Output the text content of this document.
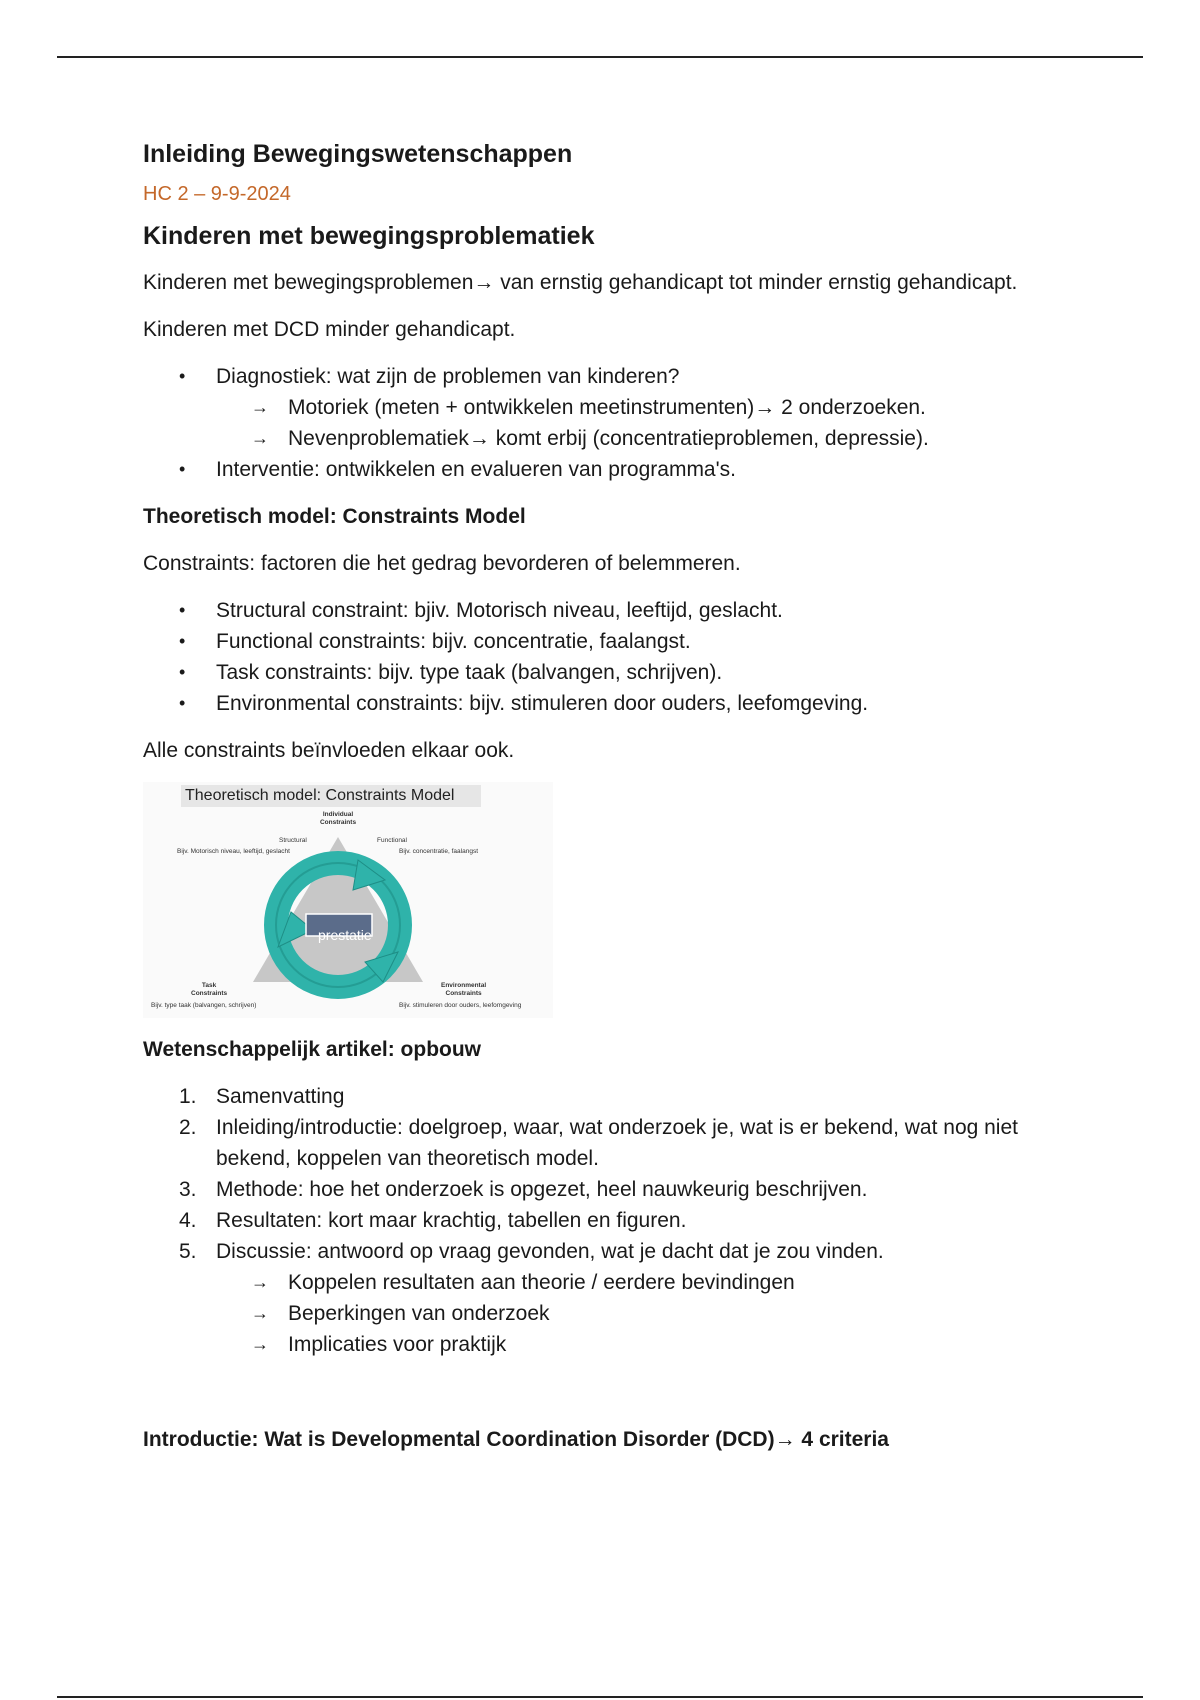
Inleiding Bewegingswetenschappen
HC 2 – 9-9-2024
Kinderen met bewegingsproblematiek

Kinderen met bewegingsproblemen→ van ernstig gehandicapt tot minder ernstig gehandicapt.

Kinderen met DCD minder gehandicapt.

• Diagnostiek: wat zijn de problemen van kinderen?
→ Motoriek (meten + ontwikkelen meetinstrumenten)→ 2 onderzoeken.
→ Nevenproblematiek→ komt erbij (concentratieproblemen, depressie).
• Interventie: ontwikkelen en evalueren van programma's.

Theoretisch model: Constraints Model

Constraints: factoren die het gedrag bevorderen of belemmeren.

• Structural constraint: bjiv. Motorisch niveau, leeftijd, geslacht.
• Functional constraints: bijv. concentratie, faalangst.
• Task constraints: bijv. type taak (balvangen, schrijven).
• Environmental constraints: bijv. stimuleren door ouders, leefomgeving.

Alle constraints beïnvloeden elkaar ook.

Theoretisch model: Constraints Model
prestatie
Individual
Constraints
Structural
Bijv. Motorisch niveau, leeftijd, geslacht
Functional
Bijv. concentratie, faalangst
Task
Constraints
Bijv. type taak (balvangen, schrijven)
Environmental
Constraints
Bijv. stimuleren door ouders, leefomgeving

Wetenschappelijk artikel: opbouw

1. Samenvatting
2. Inleiding/introductie: doelgroep, waar, wat onderzoek je, wat is er bekend, wat nog niet bekend, koppelen van theoretisch model.
3. Methode: hoe het onderzoek is opgezet, heel nauwkeurig beschrijven.
4. Resultaten: kort maar krachtig, tabellen en figuren.
5. Discussie: antwoord op vraag gevonden, wat je dacht dat je zou vinden.
→ Koppelen resultaten aan theorie / eerdere bevindingen
→ Beperkingen van onderzoek
→ Implicaties voor praktijk

Introductie: Wat is Developmental Coordination Disorder (DCD)→ 4 criteria
